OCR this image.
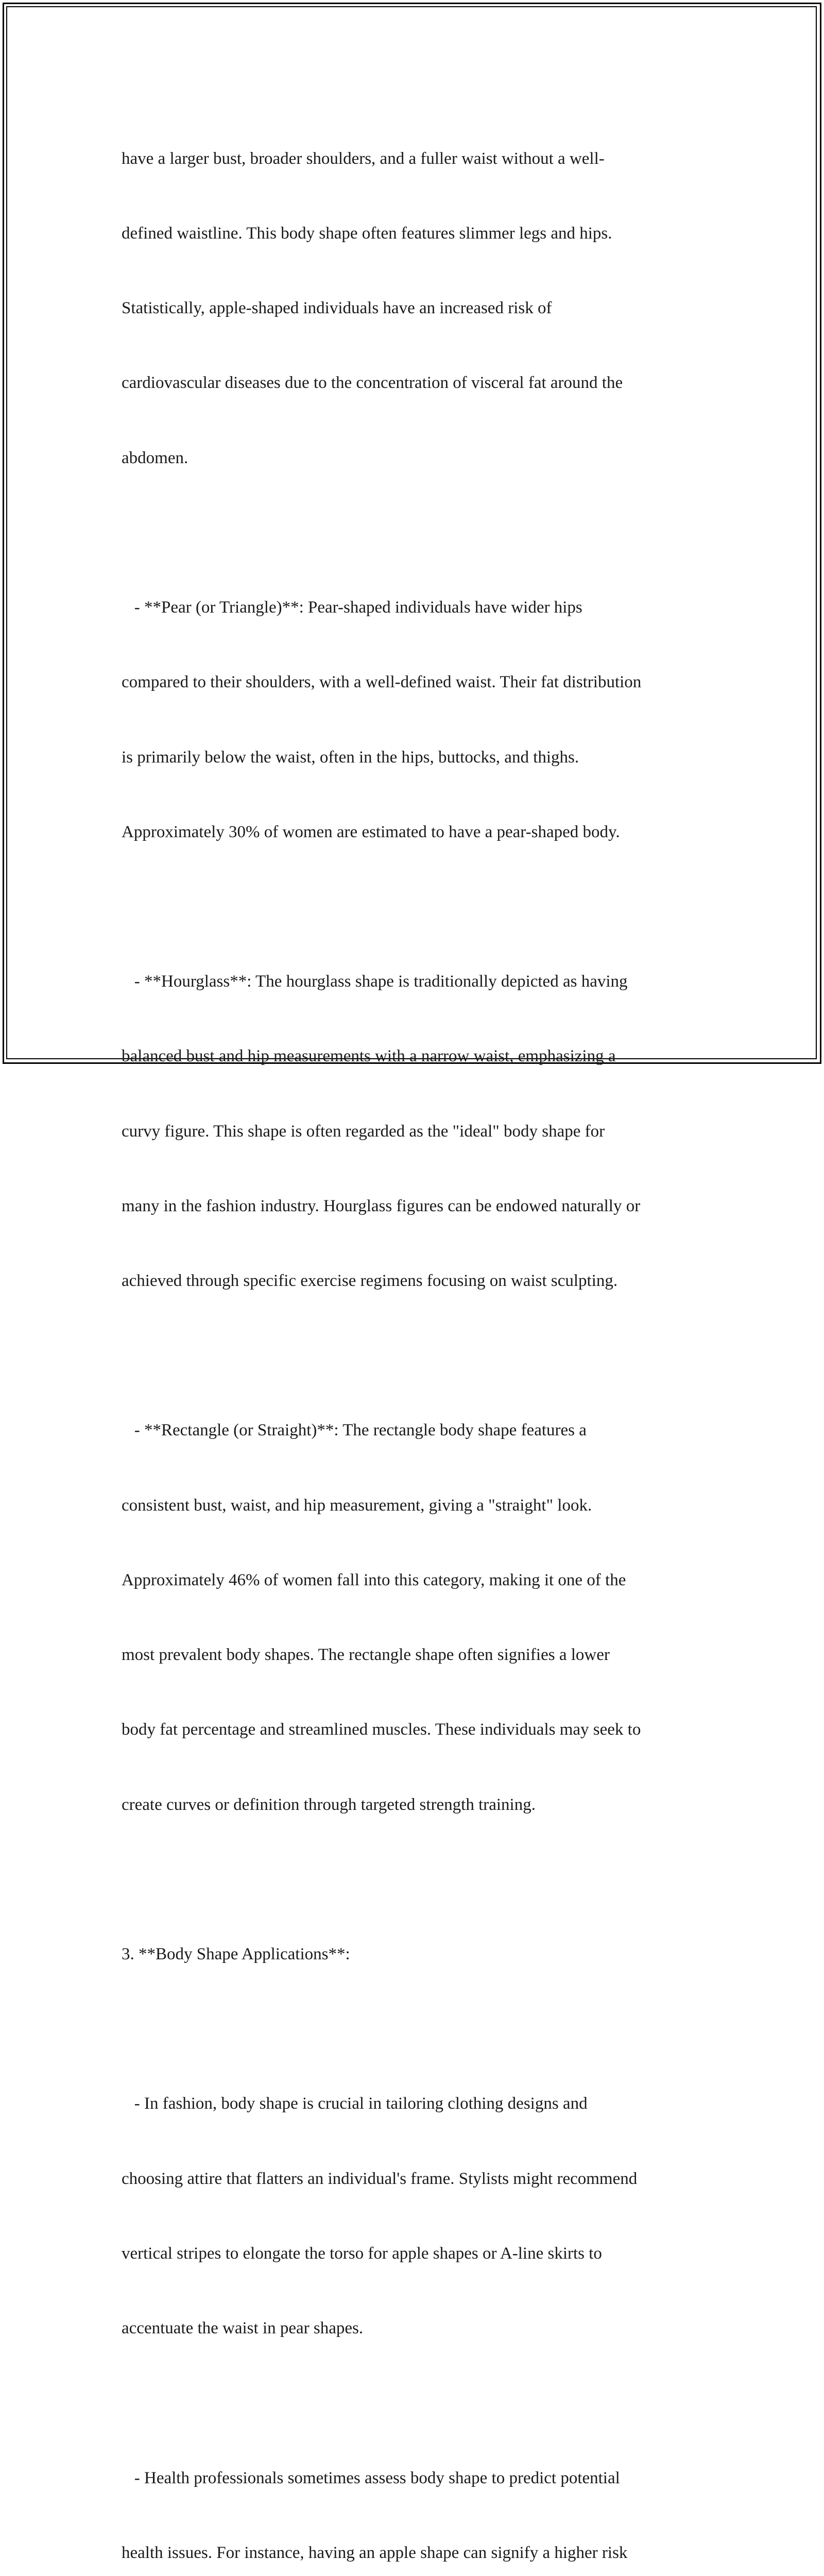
have a larger bust, broader shoulders, and a fuller waist without a well-

defined waistline. This body shape often features slimmer legs and hips.

Statistically, apple-shaped individuals have an increased risk of

cardiovascular diseases due to the concentration of visceral fat around the

abdomen.

- **Pear (or Triangle)**: Pear-shaped individuals have wider hips

compared to their shoulders, with a well-defined waist. Their fat distribution

is primarily below the waist, often in the hips, buttocks, and thighs.

Approximately 30% of women are estimated to have a pear-shaped body.

- **Hourglass**: The hourglass shape is traditionally depicted as having

balanced bust and hip measurements with a narrow waist, emphasizing a

curvy figure. This shape is often regarded as the "ideal" body shape for

many in the fashion industry. Hourglass figures can be endowed naturally or

achieved through specific exercise regimens focusing on waist sculpting.

- **Rectangle (or Straight)**: The rectangle body shape features a

consistent bust, waist, and hip measurement, giving a "straight" look.

Approximately 46% of women fall into this category, making it one of the

most prevalent body shapes. The rectangle shape often signifies a lower

body fat percentage and streamlined muscles. These individuals may seek to

create curves or definition through targeted strength training.

3. **Body Shape Applications**:

- In fashion, body shape is crucial in tailoring clothing designs and

choosing attire that flatters an individual's frame. Stylists might recommend

vertical stripes to elongate the torso for apple shapes or A-line skirts to

accentuate the waist in pear shapes.

- Health professionals sometimes assess body shape to predict potential

health issues. For instance, having an apple shape can signify a higher risk
